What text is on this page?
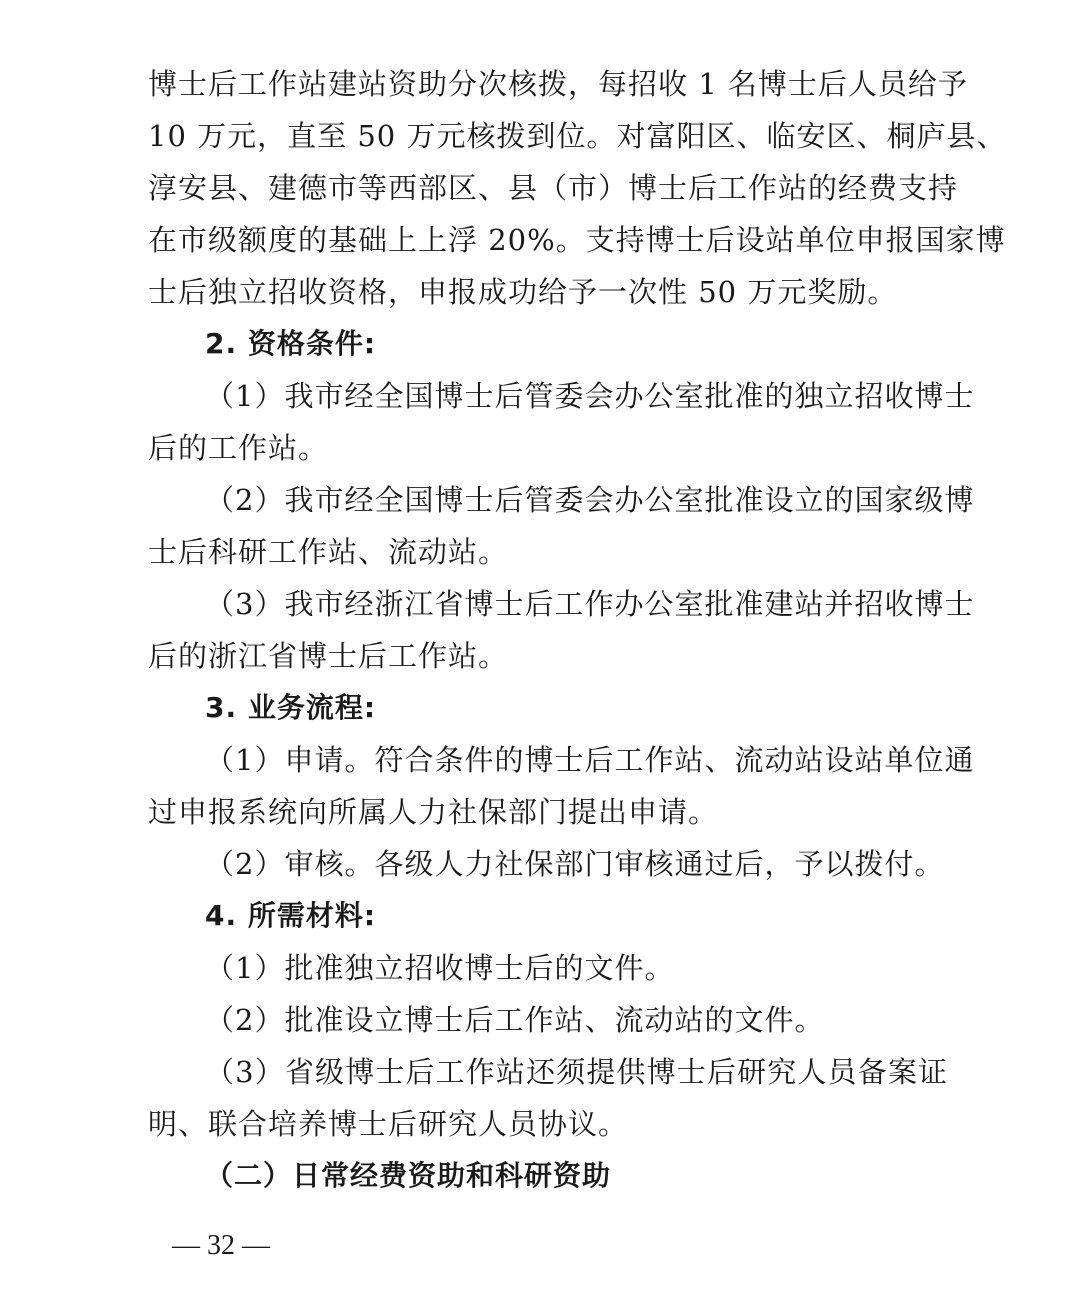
博士后工作站建站资助分次核拨，每招收 1 名博士后人员给予
10 万元，直至 50 万元核拨到位。对富阳区、临安区、桐庐县、
淳安县、建德市等西部区、县（市）博士后工作站的经费支持
在市级额度的基础上上浮 20%。支持博士后设站单位申报国家博
士后独立招收资格，申报成功给予一次性 50 万元奖励。
2. 资格条件:
（1）我市经全国博士后管委会办公室批准的独立招收博士
后的工作站。
（2）我市经全国博士后管委会办公室批准设立的国家级博
士后科研工作站、流动站。
（3）我市经浙江省博士后工作办公室批准建站并招收博士
后的浙江省博士后工作站。
3. 业务流程:
（1）申请。符合条件的博士后工作站、流动站设站单位通
过申报系统向所属人力社保部门提出申请。
（2）审核。各级人力社保部门审核通过后，予以拨付。
4. 所需材料:
（1）批准独立招收博士后的文件。
（2）批准设立博士后工作站、流动站的文件。
（3）省级博士后工作站还须提供博士后研究人员备案证
明、联合培养博士后研究人员协议。
（二）日常经费资助和科研资助
— 32 —
